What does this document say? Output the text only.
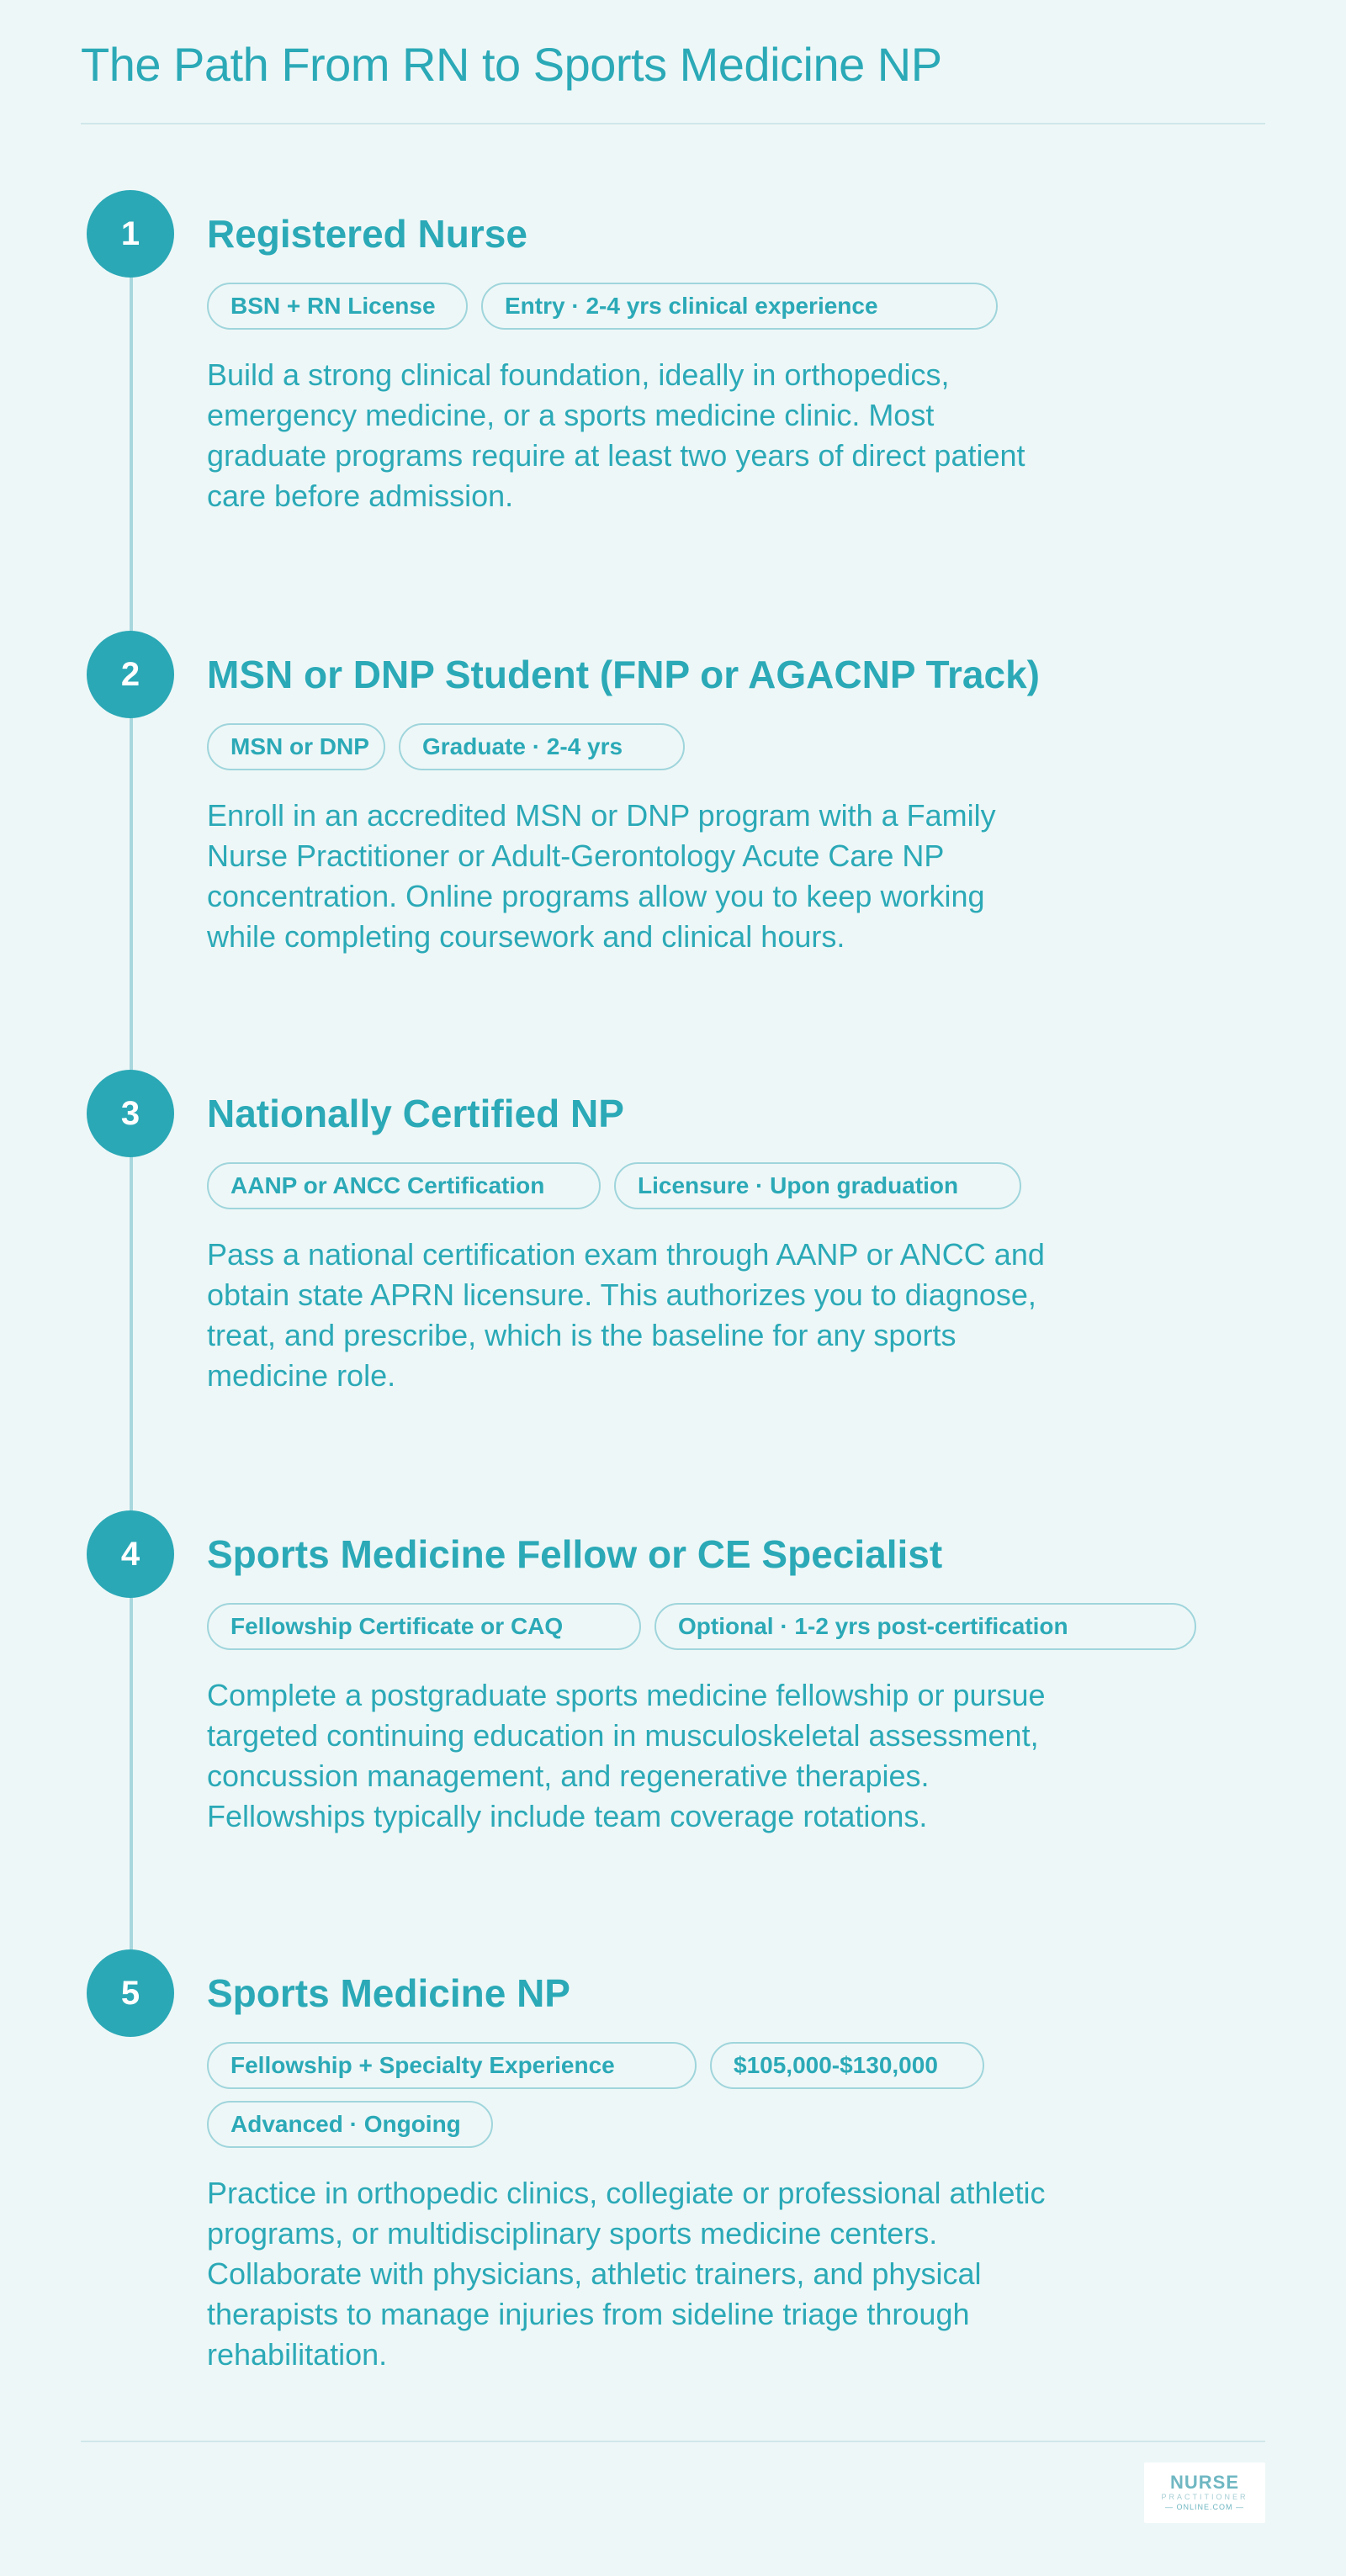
The Path From RN to Sports Medicine NP
1	Registered Nurse
BSN + RN License	Entry · 2-4 yrs clinical experience
Build a strong clinical foundation, ideally in orthopedics, emergency medicine, or a sports medicine clinic. Most graduate programs require at least two years of direct patient care before admission.
2	MSN or DNP Student (FNP or AGACNP Track)
MSN or DNP	Graduate · 2-4 yrs
Enroll in an accredited MSN or DNP program with a Family Nurse Practitioner or Adult-Gerontology Acute Care NP concentration. Online programs allow you to keep working while completing coursework and clinical hours.
3	Nationally Certified NP
AANP or ANCC Certification	Licensure · Upon graduation
Pass a national certification exam through AANP or ANCC and obtain state APRN licensure. This authorizes you to diagnose, treat, and prescribe, which is the baseline for any sports medicine role.
4	Sports Medicine Fellow or CE Specialist
Fellowship Certificate or CAQ	Optional · 1-2 yrs post-certification
Complete a postgraduate sports medicine fellowship or pursue targeted continuing education in musculoskeletal assessment, concussion management, and regenerative therapies. Fellowships typically include team coverage rotations.
5	Sports Medicine NP
Fellowship + Specialty Experience	$105,000-$130,000
Advanced · Ongoing
Practice in orthopedic clinics, collegiate or professional athletic programs, or multidisciplinary sports medicine centers. Collaborate with physicians, athletic trainers, and physical therapists to manage injuries from sideline triage through rehabilitation.
NURSE
PRACTITIONER
— ONLINE.COM —
